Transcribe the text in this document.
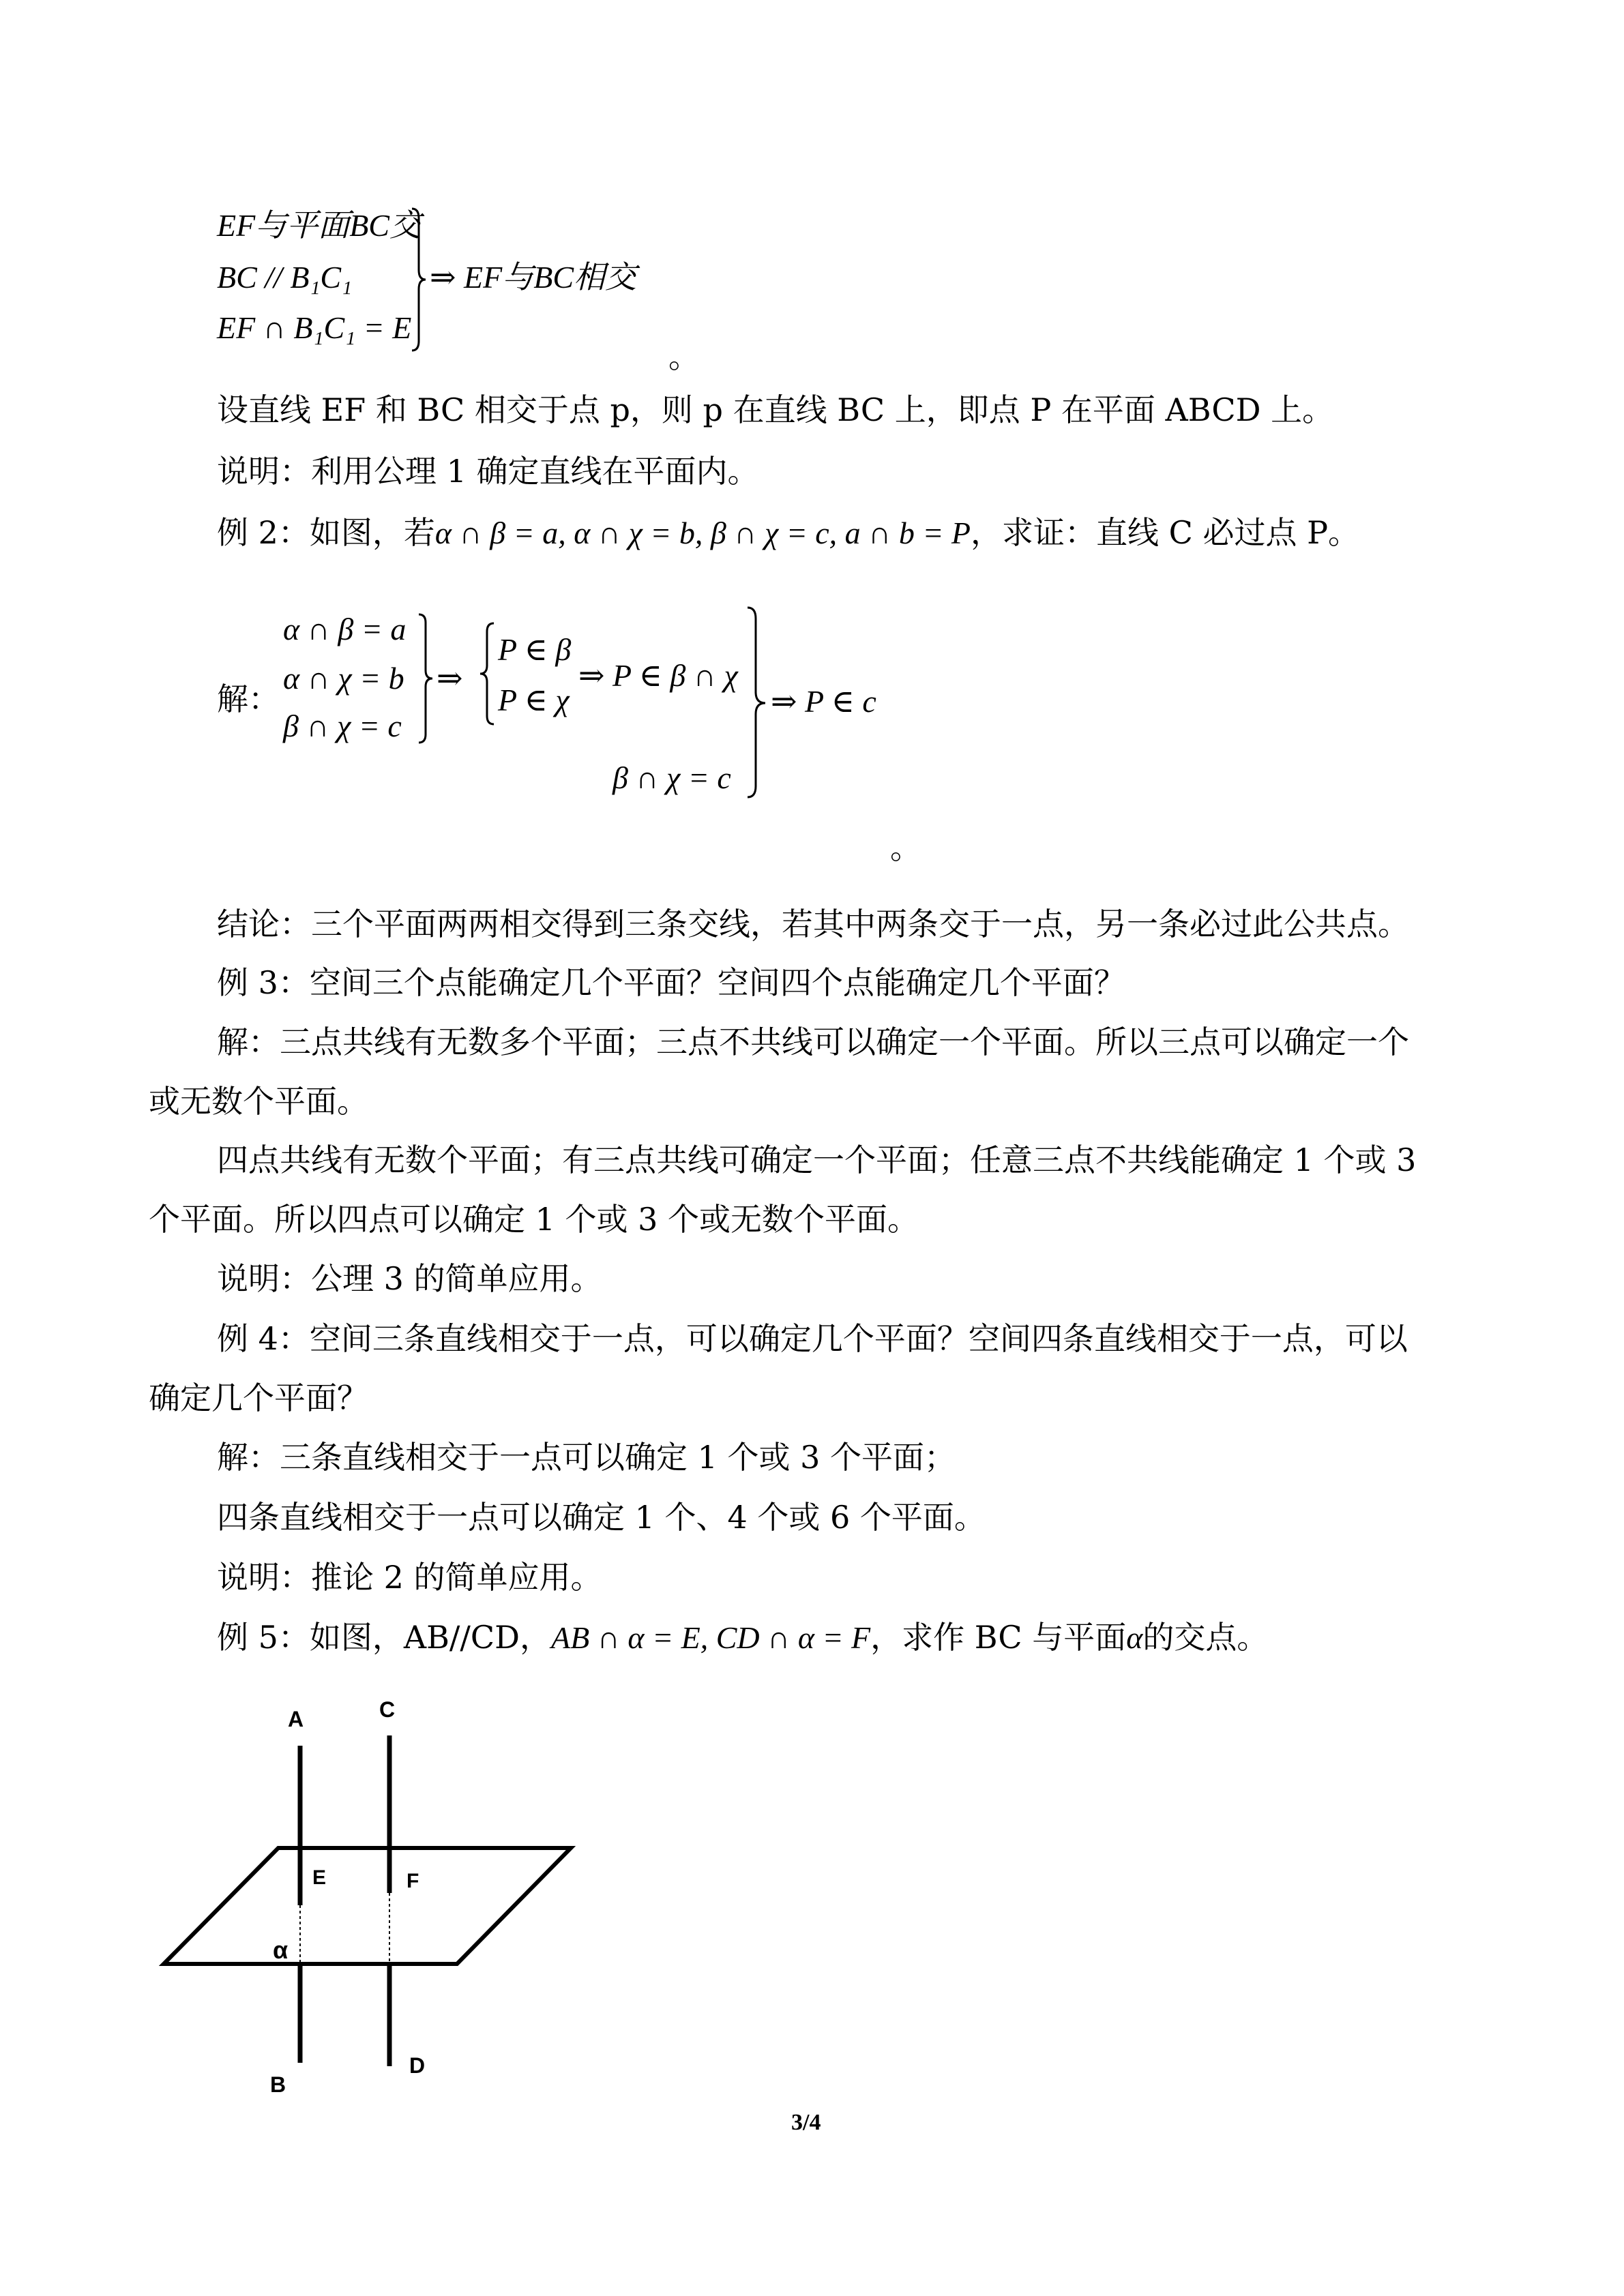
EF与平面BC交
BC // B₁C₁
EF ∩ B₁C₁ = E
⇒ EF与BC相交
。
设直线 EF 和 BC 相交于点 p，则 p 在直线 BC 上，即点 P 在平面 ABCD 上。
说明：利用公理 1 确定直线在平面内。
例 2：如图，若α ∩ β = a, α ∩ χ = b, β ∩ χ = c, a ∩ b = P，求证：直线 C 必过点 P。
解：
α ∩ β = a
α ∩ χ = b
β ∩ χ = c
⇒
P ∈ β
P ∈ χ
⇒ P ∈ β ∩ χ
β ∩ χ = c
⇒ P ∈ c
。
结论：三个平面两两相交得到三条交线，若其中两条交于一点，另一条必过此公共点。
例 3：空间三个点能确定几个平面？空间四个点能确定几个平面？
解：三点共线有无数多个平面；三点不共线可以确定一个平面。所以三点可以确定一个
或无数个平面。
四点共线有无数个平面；有三点共线可确定一个平面；任意三点不共线能确定 1 个或 3
个平面。所以四点可以确定 1 个或 3 个或无数个平面。
说明：公理 3 的简单应用。
例 4：空间三条直线相交于一点，可以确定几个平面？空间四条直线相交于一点，可以
确定几个平面？
解：三条直线相交于一点可以确定 1 个或 3 个平面；
四条直线相交于一点可以确定 1 个、4 个或 6 个平面。
说明：推论 2 的简单应用。
例 5：如图，AB//CD，AB ∩ α = E, CD ∩ α = F，求作 BC 与平面α的交点。
A	C
E	F
α
B
D
3/4
